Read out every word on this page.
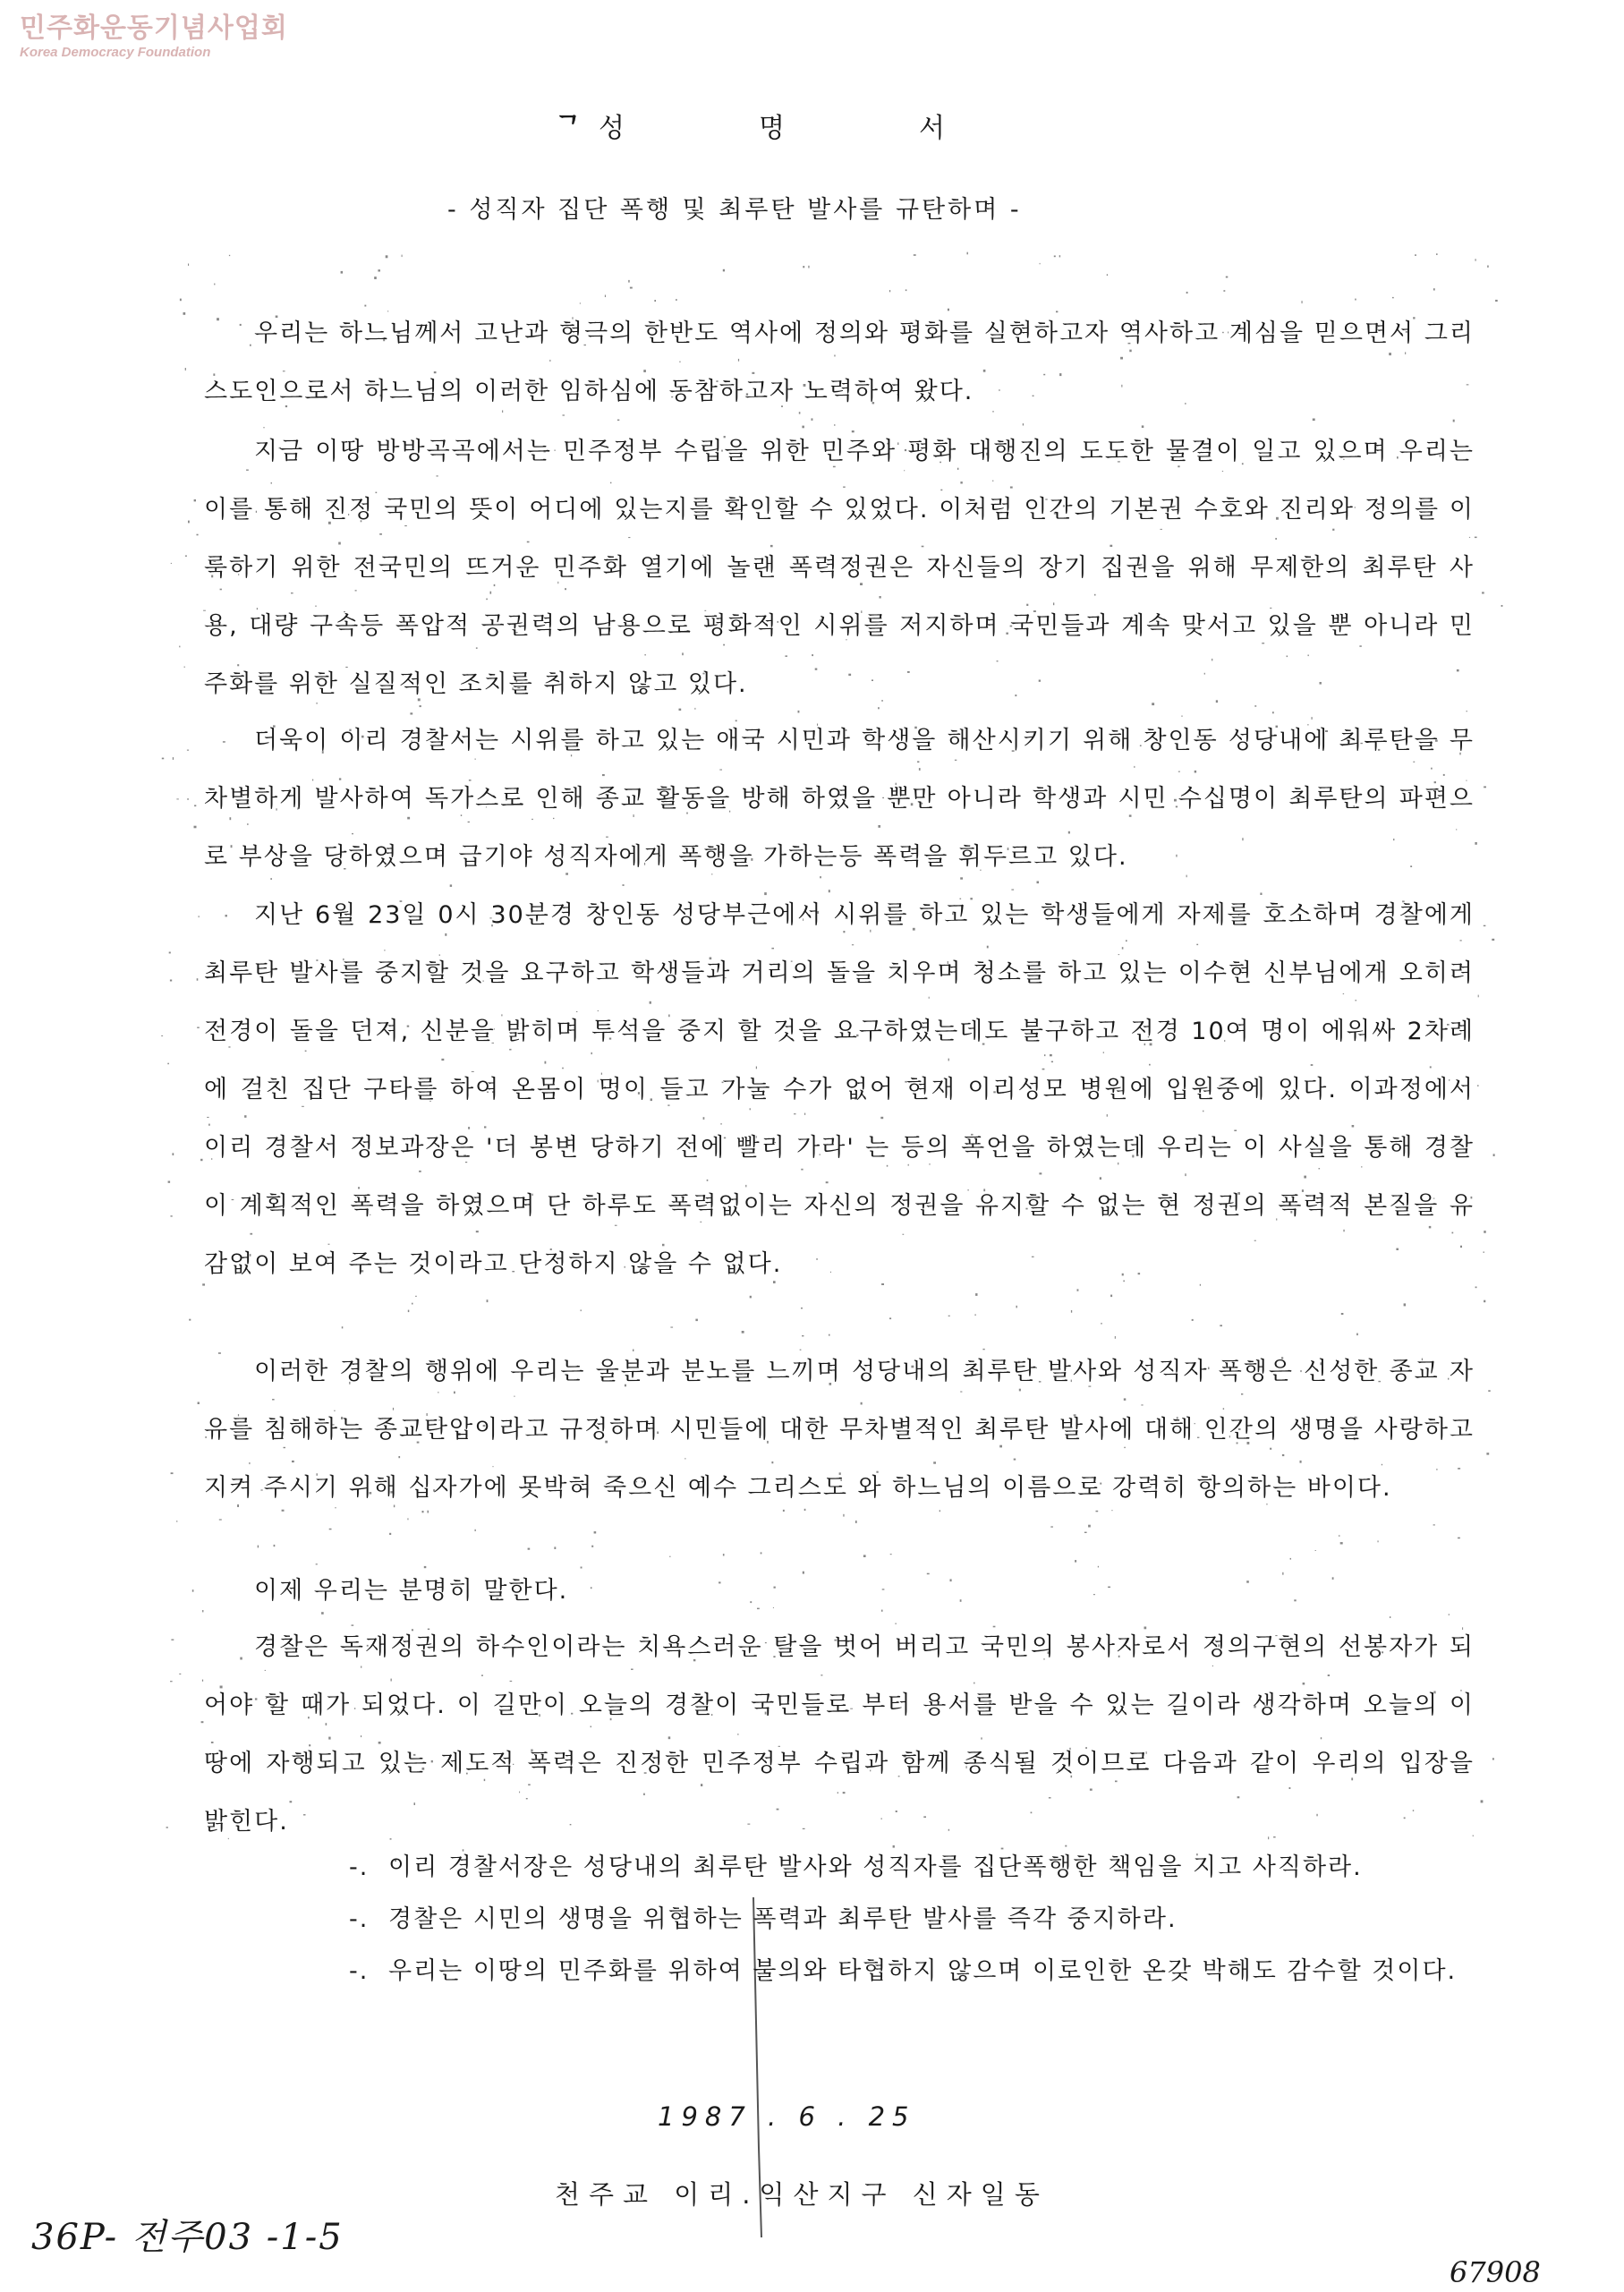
민주화운동기념사업회
Korea Democracy Foundation
ᄀ 성	명	서
- 성직자 집단 폭행 및 최루탄 발사를 규탄하며 -

우리는 하느님께서 고난과 형극의 한반도 역사에 정의와 평화를 실현하고자 역사하고 계심을 믿으면서 그리스도인으로서 하느님의 이러한 임하심에 동참하고자 노력하여 왔다.

지금 이땅 방방곡곡에서는 민주정부 수립을 위한 민주와 평화 대행진의 도도한 물결이 일고 있으며 우리는 이를 통해 진정 국민의 뜻이 어디에 있는지를 확인할 수 있었다. 이처럼 인간의 기본권 수호와 진리와 정의를 이룩하기 위한 전국민의 뜨거운 민주화 열기에 놀랜 폭력정권은 자신들의 장기 집권을 위해 무제한의 최루탄 사용, 대량 구속등 폭압적 공권력의 남용으로 평화적인 시위를 저지하며 국민들과 계속 맞서고 있을 뿐 아니라 민주화를 위한 실질적인 조치를 취하지 않고 있다.

더욱이 이리 경찰서는 시위를 하고 있는 애국 시민과 학생을 해산시키기 위해 창인동 성당내에 최루탄을 무차별하게 발사하여 독가스로 인해 종교 활동을 방해 하였을 뿐만 아니라 학생과 시민 수십명이 최루탄의 파편으로 부상을 당하였으며 급기야 성직자에게 폭행을 가하는등 폭력을 휘두르고 있다.

지난 6월 23일 0시 30분경 창인동 성당부근에서 시위를 하고 있는 학생들에게 자제를 호소하며 경찰에게 최루탄 발사를 중지할 것을 요구하고 학생들과 거리의 돌을 치우며 청소를 하고 있는 이수현 신부님에게 오히려 전경이 돌을 던져, 신분을 밝히며 투석을 중지 할 것을 요구하였는데도 불구하고 전경 10여 명이 에워싸 2차례에 걸친 집단 구타를 하여 온몸이 멍이 들고 가눌 수가 없어 현재 이리성모 병원에 입원중에 있다. 이과정에서 이리 경찰서 정보과장은 '더 봉변 당하기 전에 빨리 가라' 는 등의 폭언을 하였는데 우리는 이 사실을 통해 경찰이 계획적인 폭력을 하였으며 단 하루도 폭력없이는 자신의 정권을 유지할 수 없는 현 정권의 폭력적 본질을 유감없이 보여 주는 것이라고 단정하지 않을 수 없다.

이러한 경찰의 행위에 우리는 울분과 분노를 느끼며 성당내의 최루탄 발사와 성직자 폭행은 신성한 종교 자유를 침해하는 종교탄압이라고 규정하며 시민들에 대한 무차별적인 최루탄 발사에 대해 인간의 생명을 사랑하고 지켜 주시기 위해 십자가에 못박혀 죽으신 예수 그리스도 와 하느님의 이름으로 강력히 항의하는 바이다.

이제 우리는 분명히 말한다.

경찰은 독재정권의 하수인이라는 치욕스러운 탈을 벗어 버리고 국민의 봉사자로서 정의구현의 선봉자가 되어야 할 때가 되었다. 이 길만이 오늘의 경찰이 국민들로 부터 용서를 받을 수 있는 길이라 생각하며 오늘의 이 땅에 자행되고 있는 제도적 폭력은 진정한 민주정부 수립과 함께 종식될 것이므로 다음과 같이 우리의 입장을 밝힌다.

-. 이리 경찰서장은 성당내의 최루탄 발사와 성직자를 집단폭행한 책임을 지고 사직하라.
-. 경찰은 시민의 생명을 위협하는 폭력과 최루탄 발사를 즉각 중지하라.
-. 우리는 이땅의 민주화를 위하여 불의와 타협하지 않으며 이로인한 온갖 박해도 감수할 것이다.
1987 . 6 . 25
천주교 이리.익산지구 신자일동
36P- 전주03 -1-5
67908
